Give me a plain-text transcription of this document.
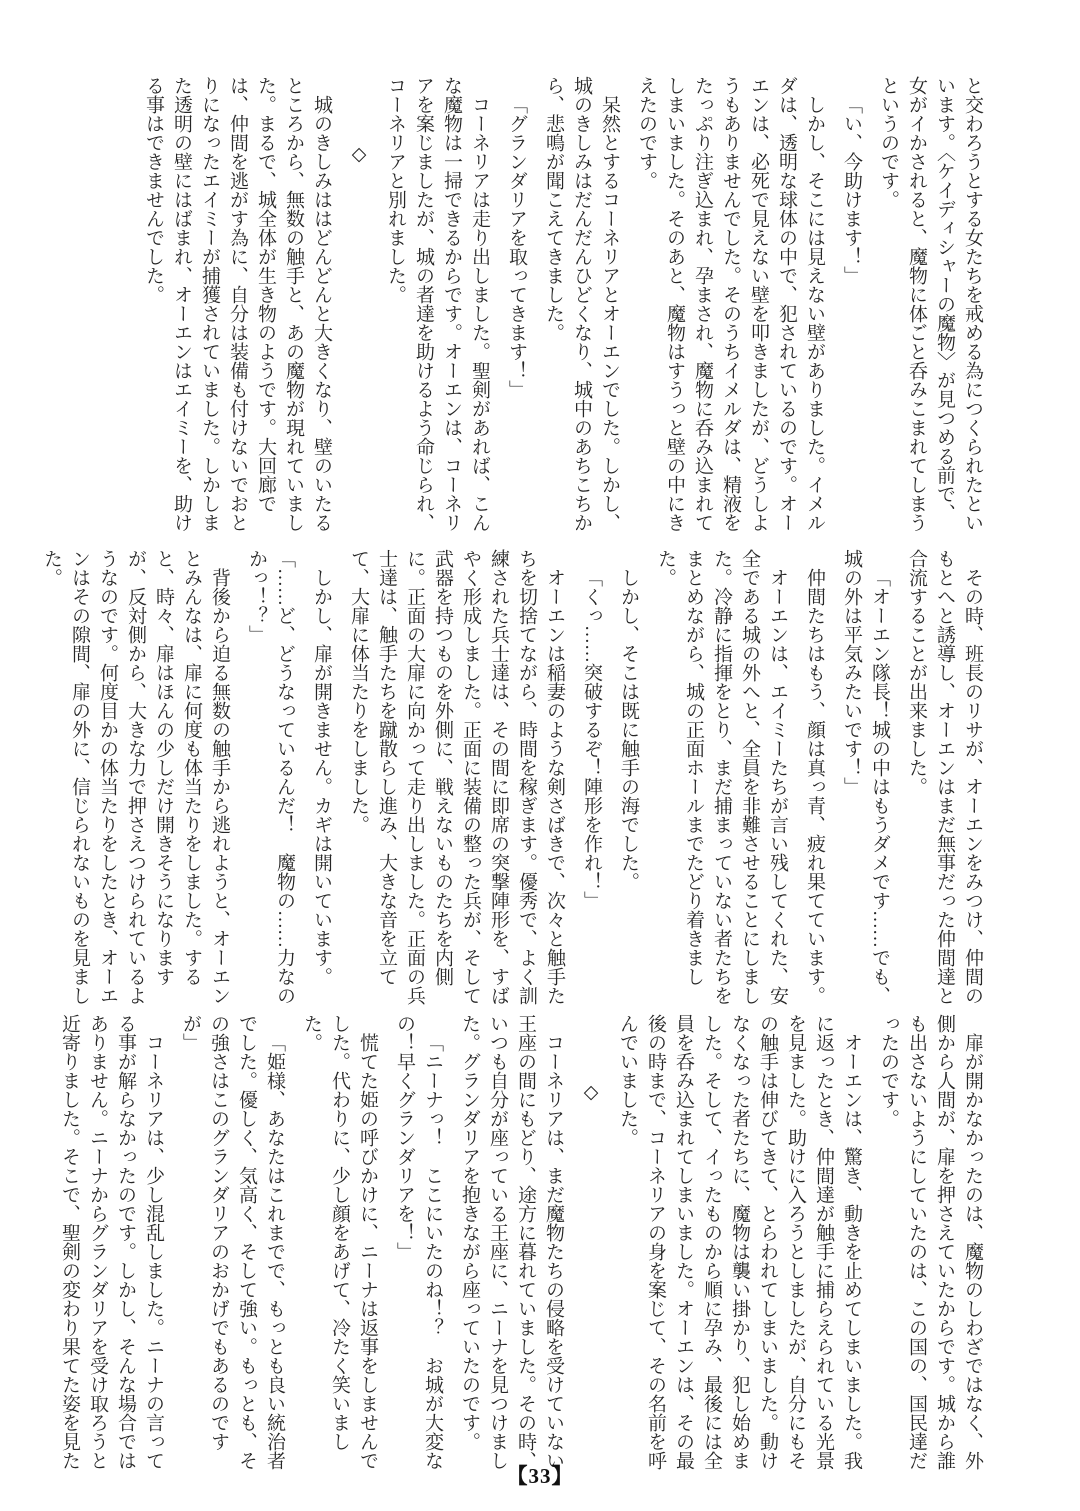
と交わろうとする女たちを戒める為につくられたといいます。〈ケイディシャーの魔物〉が見つめる前で、女がイかされると、魔物に体ごと呑みこまれてしまうというのです。

「い、今助けます！」

しかし、そこには見えない壁がありました。イメルダは、透明な球体の中で、犯されているのです。オーエンは、必死で見えない壁を叩きましたが、どうしようもありませんでした。そのうちイメルダは、精液をたっぷり注ぎ込まれ、孕まされ、魔物に呑み込まれてしまいました。そのあと、魔物はすうっと壁の中にきえたのです。

呆然とするコーネリアとオーエンでした。しかし、城のきしみはだんだんひどくなり、城中のあちこちから、悲鳴が聞こえてきました。

「グランダリアを取ってきます！」

コーネリアは走り出しました。聖剣があれば、こんな魔物は一掃できるからです。オーエンは、コーネリアを案じましたが、城の者達を助けるよう命じられ、コーネリアと別れました。

◇

城のきしみははどんどんと大きくなり、壁のいたるところから、無数の触手と、あの魔物が現れていました。まるで、城全体が生き物のようです。大回廊では、仲間を逃がす為に、自分は装備も付けないでおとりになったエイミーが捕獲されていました。しかしまた透明の壁にはばまれ、オーエンはエイミーを、助ける事はできませんでした。

その時、班長のリサが、オーエンをみつけ、仲間のもとへと誘導し、オーエンはまだ無事だった仲間達と合流することが出来ました。

「オーエン隊長！城の中はもうダメです……でも、城の外は平気みたいです！」

仲間たちはもう、顔は真っ青、疲れ果てています。

オーエンは、エイミーたちが言い残してくれた、安全である城の外へと、全員を非難させることにしました。冷静に指揮をとり、まだ捕まっていない者たちをまとめながら、城の正面ホールまでたどり着きました。

しかし、そこは既に触手の海でした。

「くっ……突破するぞ！陣形を作れ！」

オーエンは稲妻のような剣さばきで、次々と触手たちを切捨てながら、時間を稼ぎます。優秀で、よく訓練された兵士達は、その間に即席の突撃陣形を、すばやく形成しました。正面に装備の整った兵が、そして武器を持つものを外側に、戦えないものたちを内側に。正面の大扉に向かって走り出しました。正面の兵士達は、触手たちを蹴散らし進み、大きな音を立てて、大扉に体当たりをしました。

しかし、扉が開きません。カギは開いています。

「……ど、どうなっているんだ！　魔物の……力なのかっ！？」

背後から迫る無数の触手から逃れようと、オーエンとみんなは、扉に何度も体当たりをしました。すると、時々、扉はほんの少しだけ開きそうになりますが、反対側から、大きな力で押さえつけられているようなのです。何度目かの体当たりをしたとき、オーエンはその隙間、扉の外に、信じられないものを見ました。

扉が開かなかったのは、魔物のしわざではなく、外側から人間が、扉を押さえていたからです。城から誰も出さないようにしていたのは、この国の、国民達だったのです。

オーエンは、驚き、動きを止めてしまいました。我に返ったとき、仲間達が触手に捕らえられている光景を見ました。助けに入ろうとしましたが、自分にもその触手は伸びてきて、とらわれてしまいました。動けなくなった者たちに、魔物は襲い掛かり、犯し始めました。そして、イったものから順に孕み、最後には全員を呑み込まれてしまいました。オーエンは、その最後の時まで、コーネリアの身を案じて、その名前を呼んでいました。

◇

コーネリアは、まだ魔物たちの侵略を受けていない王座の間にもどり、途方に暮れていました。その時、いつも自分が座っている王座に、ニーナを見つけました。グランダリアを抱きながら座っていたのです。

「ニーナっ！　ここにいたのね！？　お城が大変なの！早くグランダリアを！」

慌てた姫の呼びかけに、ニーナは返事をしませんでした。代わりに、少し顔をあげて、冷たく笑いました。

「姫様、あなたはこれまでで、もっとも良い統治者でした。優しく、気高く、そして強い。もっとも、その強さはこのグランダリアのおかげでもあるのですが」

コーネリアは、少し混乱しました。ニーナの言ってる事が解らなかったのです。しかし、そんな場合ではありません。ニーナからグランダリアを受け取ろうと近寄りました。そこで、聖剣の変わり果てた姿を見た

【33】
